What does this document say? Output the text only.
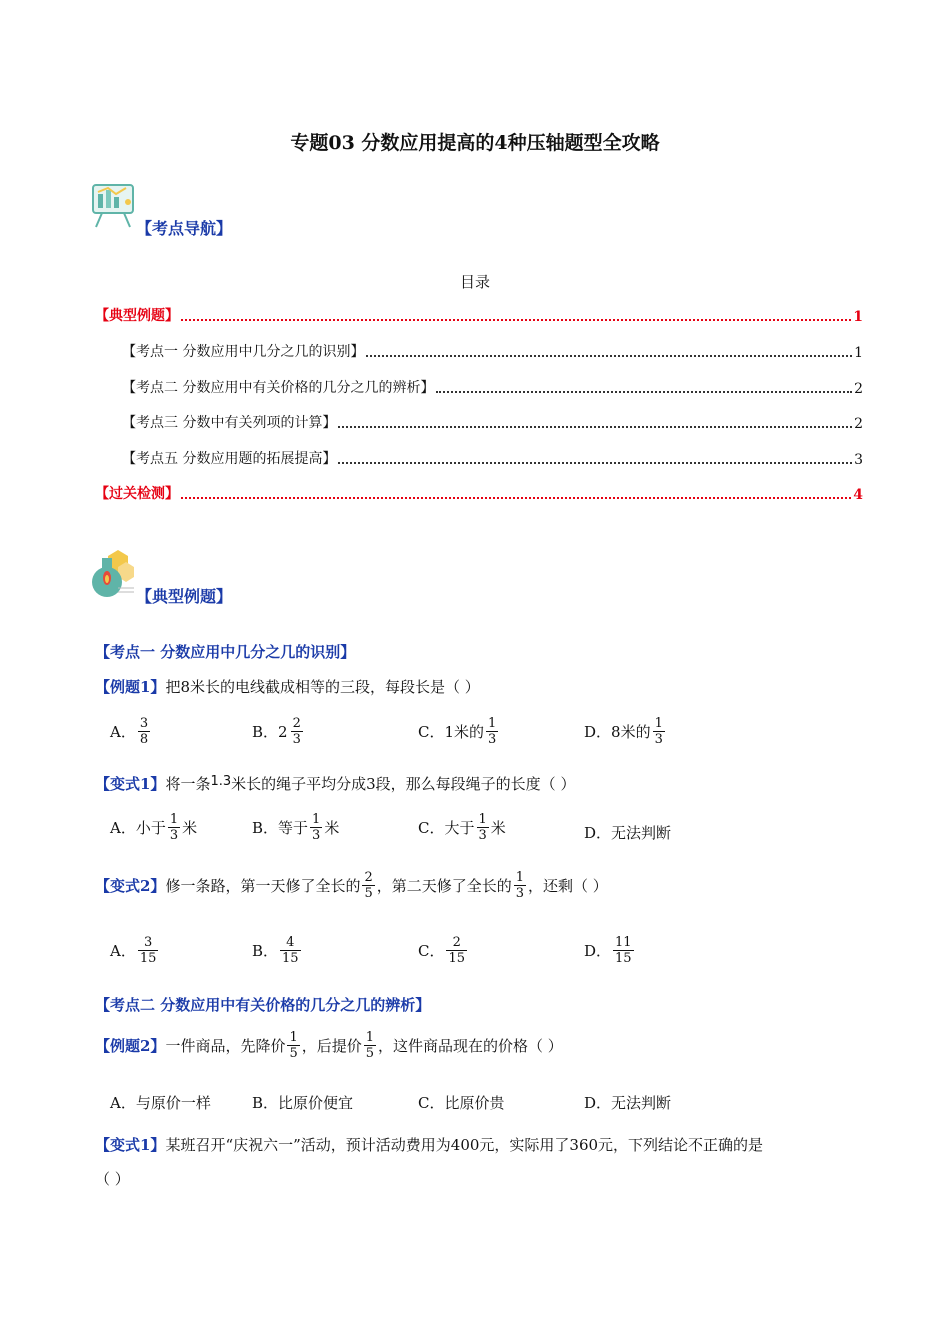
专题03 分数应用提高的4种压轴题型全攻略
【考点导航】
目录
【典型例题】	1
【考点一 分数应用中几分之几的识别】	1
【考点二 分数应用中有关价格的几分之几的辨析】	2
【考点三 分数中有关列项的计算】	2
【考点五 分数应用题的拓展提高】	3
【过关检测】	4
【典型例题】
【考点一 分数应用中几分之几的识别】
【例题1】把8米长的电线截成相等的三段，每段长是（ ）
A． $\frac{3}{8}$	B． $2 \frac{2}{3}$	C． 1米的 $\frac{1}{3}$	D． 8米的 $\frac{1}{3}$
【变式1】将一条1.3米长的绳子平均分成3段，那么每段绳子的长度（ ）
A． 小于 $\frac{1}{3}$ 米	B． 等于 $\frac{1}{3}$ 米	C． 大于 $\frac{1}{3}$ 米	D． 无法判断
【变式2】 修一条路，第一天修了全长的 $\frac{2}{5}$ ，第二天修了全长的 $\frac{1}{3}$ ，还剩（ ）
A． $\frac{3}{15}$	B． $\frac{4}{15}$	C． $\frac{2}{15}$	D． $\frac{11}{15}$
【考点二 分数应用中有关价格的几分之几的辨析】
【例题2】 一件商品，先降价 $\frac{1}{5}$ ，后提价 $\frac{1}{5}$ ，这件商品现在的价格（ ）
A． 与原价一样	B． 比原价便宜	C． 比原价贵	D． 无法判断
【变式1】某班召开“庆祝六一”活动，预计活动费用为400元，实际用了360元，下列结论不正确的是
（ ）
